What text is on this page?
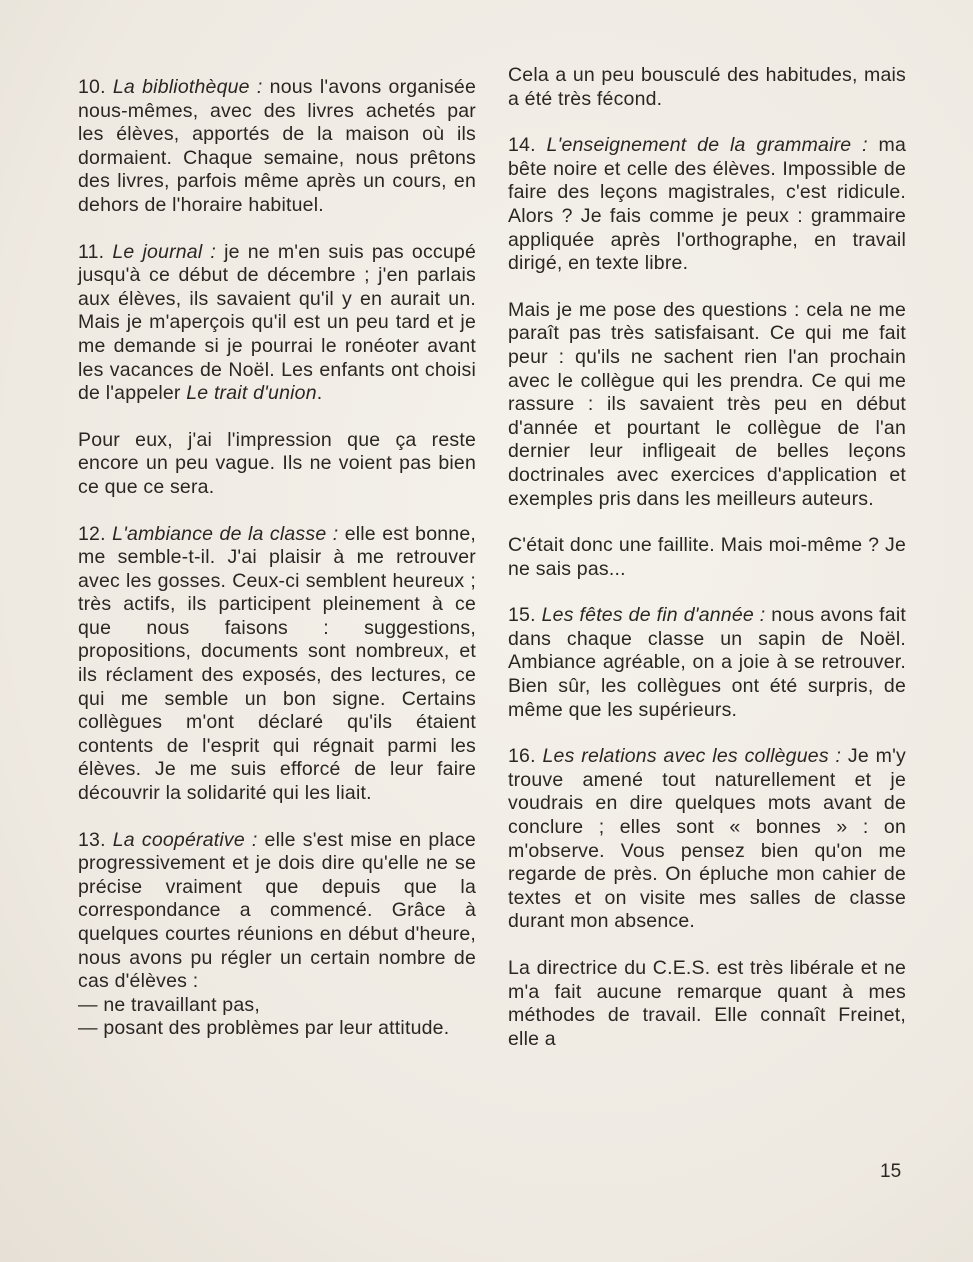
10. La bibliothèque : nous l'avons organisée nous-mêmes, avec des livres achetés par les élèves, apportés de la maison où ils dormaient. Chaque semaine, nous prêtons des livres, parfois même après un cours, en dehors de l'horaire habituel.

11. Le journal : je ne m'en suis pas occupé jusqu'à ce début de décembre ; j'en parlais aux élèves, ils savaient qu'il y en aurait un. Mais je m'aperçois qu'il est un peu tard et je me demande si je pourrai le ronéoter avant les vacances de Noël. Les enfants ont choisi de l'appeler Le trait d'union.

Pour eux, j'ai l'impression que ça reste encore un peu vague. Ils ne voient pas bien ce que ce sera.

12. L'ambiance de la classe : elle est bonne, me semble-t-il. J'ai plaisir à me retrouver avec les gosses. Ceux-ci semblent heureux ; très actifs, ils participent pleinement à ce que nous faisons : suggestions, propositions, documents sont nombreux, et ils réclament des exposés, des lectures, ce qui me semble un bon signe. Certains collègues m'ont déclaré qu'ils étaient contents de l'esprit qui régnait parmi les élèves. Je me suis efforcé de leur faire découvrir la solidarité qui les liait.

13. La coopérative : elle s'est mise en place progressivement et je dois dire qu'elle ne se précise vraiment que depuis que la correspondance a commencé. Grâce à quelques courtes réunions en début d'heure, nous avons pu régler un certain nombre de cas d'élèves :
— ne travaillant pas,
— posant des problèmes par leur attitude.

Cela a un peu bousculé des habitudes, mais a été très fécond.

14. L'enseignement de la grammaire : ma bête noire et celle des élèves. Impossible de faire des leçons magistrales, c'est ridicule. Alors ? Je fais comme je peux : grammaire appliquée après l'orthographe, en travail dirigé, en texte libre.

Mais je me pose des questions : cela ne me paraît pas très satisfaisant. Ce qui me fait peur : qu'ils ne sachent rien l'an prochain avec le collègue qui les prendra. Ce qui me rassure : ils savaient très peu en début d'année et pourtant le collègue de l'an dernier leur infligeait de belles leçons doctrinales avec exercices d'application et exemples pris dans les meilleurs auteurs.

C'était donc une faillite. Mais moi-même ? Je ne sais pas...

15. Les fêtes de fin d'année : nous avons fait dans chaque classe un sapin de Noël. Ambiance agréable, on a joie à se retrouver. Bien sûr, les collègues ont été surpris, de même que les supérieurs.

16. Les relations avec les collègues : Je m'y trouve amené tout naturellement et je voudrais en dire quelques mots avant de conclure ; elles sont « bonnes » : on m'observe. Vous pensez bien qu'on me regarde de près. On épluche mon cahier de textes et on visite mes salles de classe durant mon absence.

La directrice du C.E.S. est très libérale et ne m'a fait aucune remarque quant à mes méthodes de travail. Elle connaît Freinet, elle a

15
